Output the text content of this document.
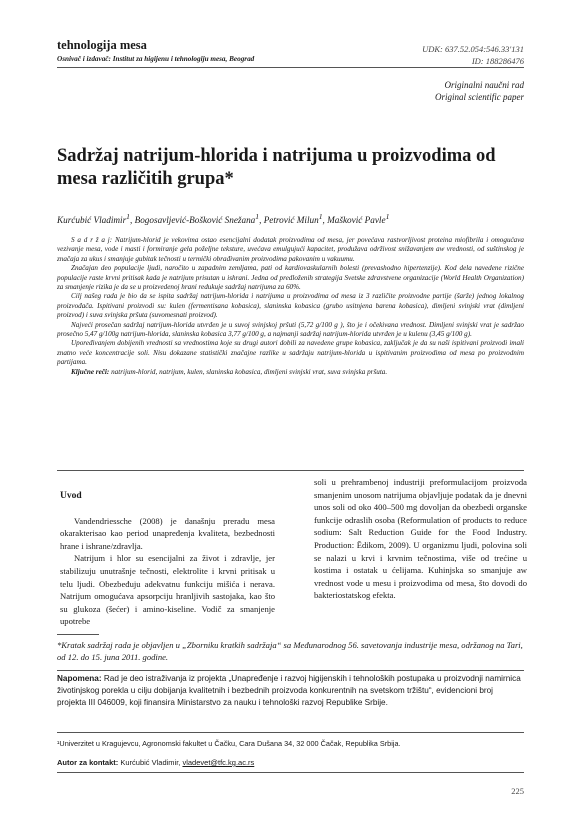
tehnologija mesa
Osnivač i izdavač: Institut za higijenu i tehnologiju mesa, Beograd
UDK: 637.52.054:546.33'131
ID: 188286476
Originalni naučni rad
Original scientific paper
Sadržaj natrijum-hlorida i natrijuma u proizvodima od mesa različitih grupa*
Kurćubić Vladimir$^1$, Bogosavljević-Bošković Snežana$^1$, Petrović Milun$^1$, Mašković Pavle$^1$

S a d r ž a j: Natrijum-hlorid je vekovima ostao esencijalni dodatak proizvodima od mesa, jer povećava rastvorljivost proteina miofibrila i omogućava vezivanje mesa, vode i masti i formiranje gela poželjne teksture, uvećava emulgujući kapacitet, produžava održivost snižavanjem aw vrednosti, od suštinskog je značaja za ukus i smanjuje gubitak tečnosti u termički obrađivanim proizvodima pakovanim u vakuumu.

Značajan deo populacije ljudi, naročito u zapadnim zemljama, pati od kardiovaskularnih bolesti (prevashodno hipertenzije). Kod dela navedene rizične populacije raste krvni pritisak kada je natrijum prisutan u ishrani. Jedna od predloženih strategija Svetske zdravstvene organizacije (World Health Organization) za smanjenje rizika je da se u proizvedenoj hrani redukuje sadržaj natrijuma za 60%.

Cilj našeg rada je bio da se ispita sadržaj natrijum-hlorida i natrijuma u proizvodima od mesa iz 3 različite proizvodne partije (šarže) jednog lokalnog proizvođača. Ispitivani proizvodi su: kulen (fermentisana kobasica), slaninska kobasica (grubo usitnjena barena kobasica), dimljeni svinjski vrat (dimljeni proizvod) i suva svinjska pršuta (suvomesnati proizvod).

Najveći prosečan sadržaj natrijum-hlorida utvrđen je u suvoj svinjskoj pršuti (5,72 g/100 g ), što je i očekivana vrednost. Dimljeni svinjski vrat je sadržao prosečno 5,47 g/100g natrijum-hlorida, slaninska kobasica 3,77 g/100 g, a najmanji sadržaj natrijum-hlorida utvrđen je u kulenu (3,45 g/100 g).

Upoređivanjem dobijenih vrednosti sa vrednostima koje su drugi autori dobili za navedene grupe kobasica, zaključak je da su naši ispitivani proizvodi imali znatno veće koncentracije soli. Nisu dokazane statistički značajne razlike u sadržaju natrijum-hlorida u ispitivanim proizvodima od mesa po proizvodnim partijama.

Ključne reči: natrijum-hlorid, natrijum, kulen, slaninska kobasica, dimljeni svinjski vrat, suva svinjska pršuta.

Uvod

Vandendriessche (2008) je današnju preradu mesa okarakterisao kao period unapređenja kvaliteta, bezbednosti hrane i ishrane/zdravlja.

Natrijum i hlor su esencijalni za život i zdravlje, jer stabilizuju unutrašnje tečnosti, elektrolite i krvni pritisak u telu ljudi. Obezbeđuju adekvatnu funkciju mišića i nerava. Natrijum omogućava apsorpciju hranljivih sastojaka, kao što su glukoza (šećer) i amino-kiseline. Vodič za smanjenje upotrebe

soli u prehrambenoj industriji preformulacijom proizvoda smanjenim unosom natrijuma objavljuje podatak da je dnevni unos soli od oko 400–500 mg dovoljan da obezbedi organske funkcije odraslih osoba (Reformulation of products to reduce sodium: Salt Reduction Guide for the Food Industry. Production: Ēdikom, 2009). U organizmu ljudi, polovina soli se nalazi u krvi i krvnim tečnostima, više od trećine u kostima i ostatak u ćelijama. Kuhinjska so smanjuje aw vrednost vode u mesu i proizvodima od mesa, što dovodi do bakteriostatskog efekta.

*Kratak sadržaj rada je objavljen u „Zborniku kratkih sadržaja“ sa Međunarodnog 56. savetovanja industrije mesa, održanog na Tari, od 12. do 15. juna 2011. godine.
Napomena: Rad je deo istraživanja iz projekta „Unapređenje i razvoj higijenskih i tehnoloških postupaka u proizvodnji namirnica životinjskog porekla u cilju dobijanja kvalitetnih i bezbednih proizvoda konkurentnih na svetskom tržištu“, evidencioni broj projekta III 046009, koji finansira Ministarstvo za nauku i tehnološki razvoj Republike Srbije.
¹Univerzitet u Kragujevcu, Agronomski fakultet u Čačku, Cara Dušana 34, 32 000 Čačak, Republika Srbija.
Autor za kontakt: Kurćubić Vladimir, vladevet@tfc.kg.ac.rs
225
